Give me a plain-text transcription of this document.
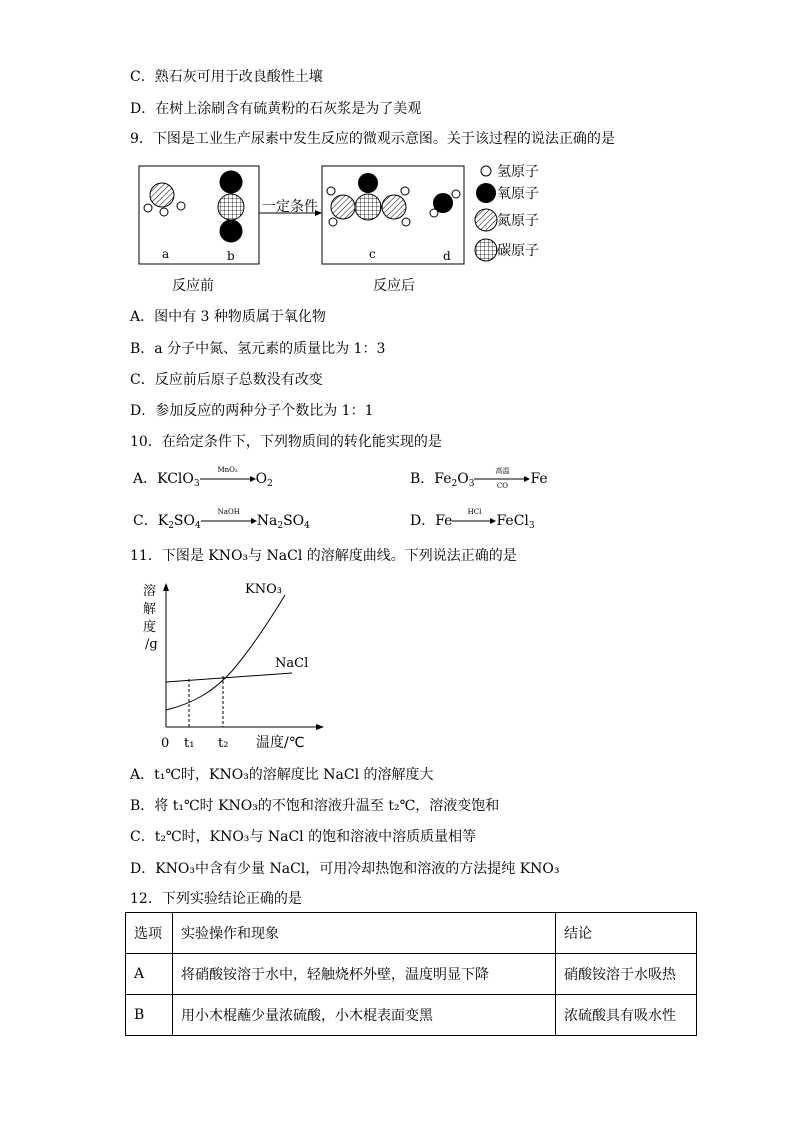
C．熟石灰可用于改良酸性土壤
D．在树上涂刷含有硫黄粉的石灰浆是为了美观
9．下图是工业生产尿素中发生反应的微观示意图。关于该过程的说法正确的是
a	b
一定条件
c	d
氢原子
氧原子
氮原子
碳原子
反应前	反应后
A．图中有 3 种物质属于氧化物
B．a 分子中氮、氢元素的质量比为 1：3
C．反应前后原子总数没有改变
D．参加反应的两种分子个数比为 1：1
10．在给定条件下，下列物质间的转化能实现的是
A．KClO$_3$
MnO₂
$O_2$	B．$Fe_2O_3$
高温
CO	Fe
C．$K_2SO_4$
NaOH
$Na_2SO_4$	D．Fe
HCl
FeCl$_3$
11．下图是 KNO₃与 NaCl 的溶解度曲线。下列说法正确的是
溶
解
度
/g
KNO₃
NaCl
0 t₁ t₂ 温度/℃
A．t₁℃时，KNO₃的溶解度比 NaCl 的溶解度大
B．将 t₁℃时 KNO₃的不饱和溶液升温至 t₂℃，溶液变饱和
C．t₂℃时，KNO₃与 NaCl 的饱和溶液中溶质质量相等
D．KNO₃中含有少量 NaCl，可用冷却热饱和溶液的方法提纯 KNO₃
12．下列实验结论正确的是
选项	实验操作和现象	结论
A	将硝酸铵溶于水中，轻触烧杯外壁，温度明显下降	硝酸铵溶于水吸热
B	用小木棍蘸少量浓硫酸，小木棍表面变黑	浓硫酸具有吸水性
